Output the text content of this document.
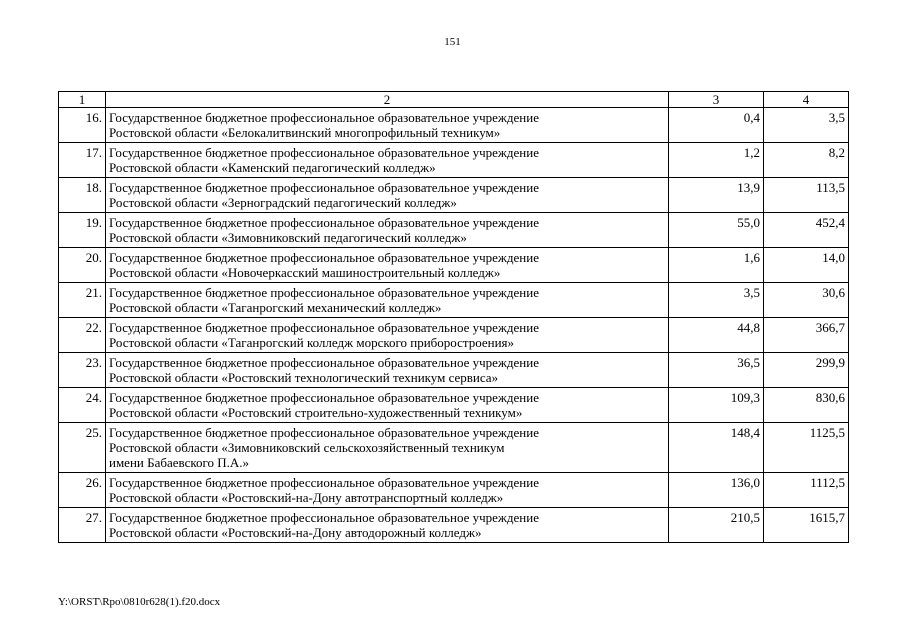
151
1	2	3	4
16.	Государственное бюджетное профессиональное образовательное учреждение
Ростовской области «Белокалитвинский многопрофильный техникум»	0,4	3,5
17.	Государственное бюджетное профессиональное образовательное учреждение
Ростовской области «Каменский педагогический колледж»	1,2	8,2
18.	Государственное бюджетное профессиональное образовательное учреждение
Ростовской области «Зерноградский педагогический колледж»	13,9	113,5
19.	Государственное бюджетное профессиональное образовательное учреждение
Ростовской области «Зимовниковский педагогический колледж»	55,0	452,4
20.	Государственное бюджетное профессиональное образовательное учреждение
Ростовской области «Новочеркасский машиностроительный колледж»	1,6	14,0
21.	Государственное бюджетное профессиональное образовательное учреждение
Ростовской области «Таганрогский механический колледж»	3,5	30,6
22.	Государственное бюджетное профессиональное образовательное учреждение
Ростовской области «Таганрогский колледж морского приборостроения»	44,8	366,7
23.	Государственное бюджетное профессиональное образовательное учреждение
Ростовской области «Ростовский технологический техникум сервиса»	36,5	299,9
24.	Государственное бюджетное профессиональное образовательное учреждение
Ростовской области «Ростовский строительно-художественный техникум»	109,3	830,6
25.	Государственное бюджетное профессиональное образовательное учреждение
Ростовской области «Зимовниковский сельскохозяйственный техникум
имени Бабаевского П.А.»	148,4	1125,5
26.	Государственное бюджетное профессиональное образовательное учреждение
Ростовской области «Ростовский-на-Дону автотранспортный колледж»	136,0	1112,5
27.	Государственное бюджетное профессиональное образовательное учреждение
Ростовской области «Ростовский-на-Дону автодорожный колледж»	210,5	1615,7
Y:\ORST\Rpo\0810r628(1).f20.docx
